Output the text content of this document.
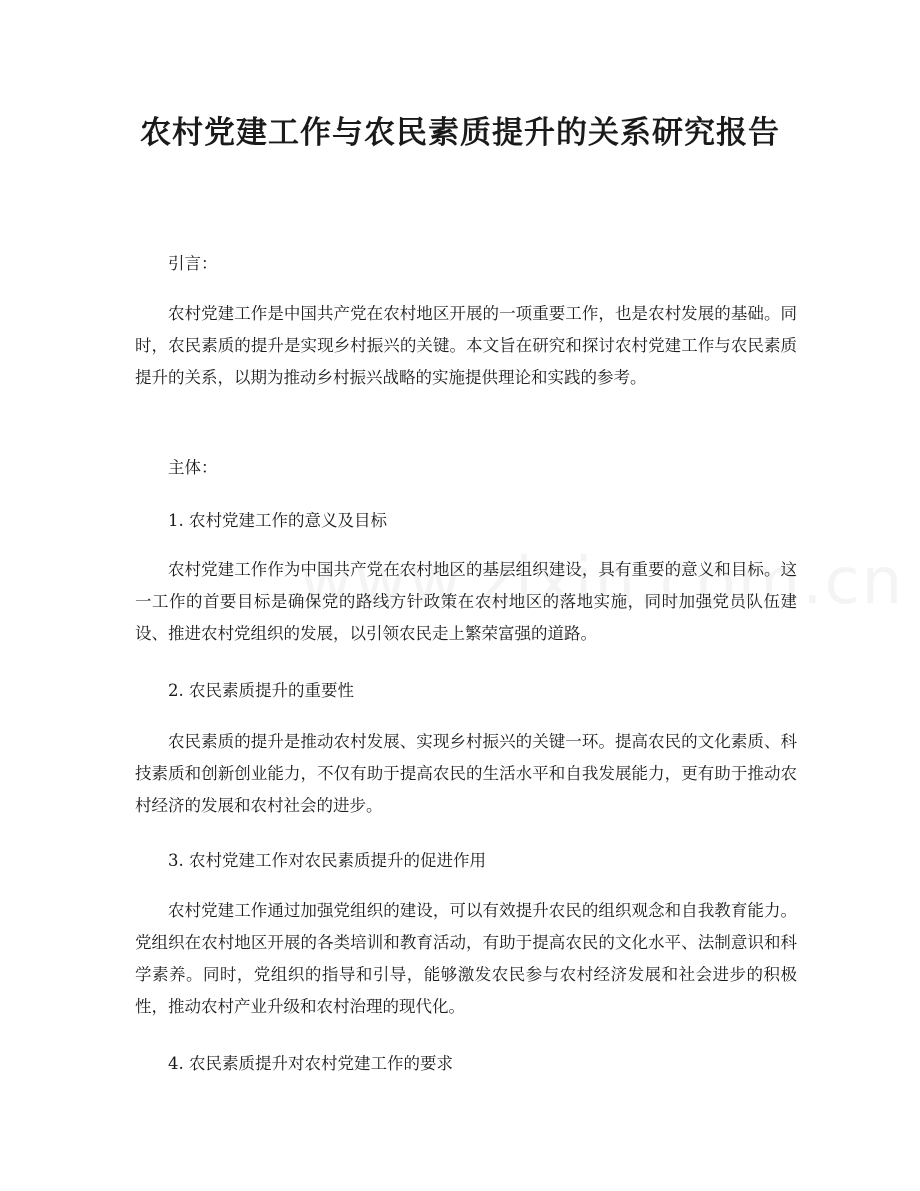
农村党建工作与农民素质提升的关系研究报告

引言：

农村党建工作是中国共产党在农村地区开展的一项重要工作，也是农村发展的基础。同时，农民素质的提升是实现乡村振兴的关键。本文旨在研究和探讨农村党建工作与农民素质提升的关系，以期为推动乡村振兴战略的实施提供理论和实践的参考。

主体：

1. 农村党建工作的意义及目标

农村党建工作作为中国共产党在农村地区的基层组织建设，具有重要的意义和目标。这一工作的首要目标是确保党的路线方针政策在农村地区的落地实施，同时加强党员队伍建设、推进农村党组织的发展，以引领农民走上繁荣富强的道路。

2. 农民素质提升的重要性

农民素质的提升是推动农村发展、实现乡村振兴的关键一环。提高农民的文化素质、科技素质和创新创业能力，不仅有助于提高农民的生活水平和自我发展能力，更有助于推动农村经济的发展和农村社会的进步。

3. 农村党建工作对农民素质提升的促进作用

农村党建工作通过加强党组织的建设，可以有效提升农民的组织观念和自我教育能力。党组织在农村地区开展的各类培训和教育活动，有助于提高农民的文化水平、法制意识和科学素养。同时，党组织的指导和引导，能够激发农民参与农村经济发展和社会进步的积极性，推动农村产业升级和农村治理的现代化。

4. 农民素质提升对农村党建工作的要求
